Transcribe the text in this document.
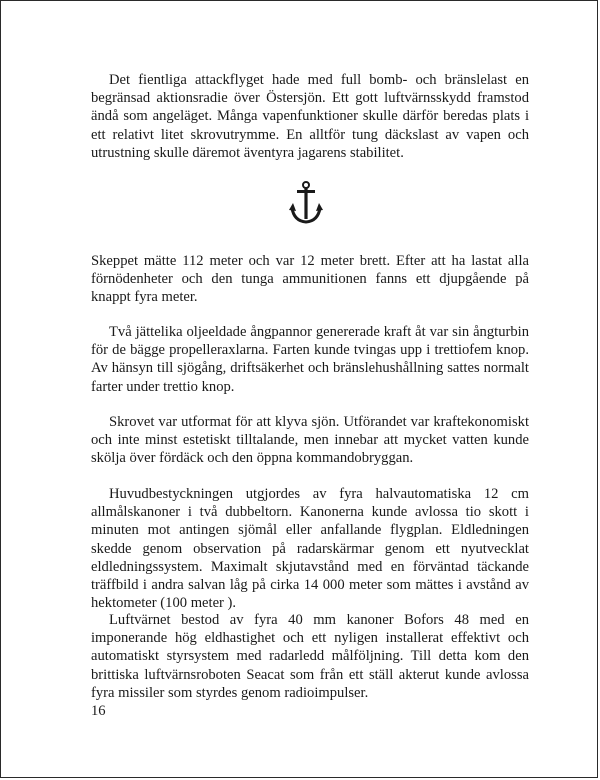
Det fientliga attackflyget hade med full bomb- och bränslelast en begränsad aktionsradie över Östersjön. Ett gott luftvärnsskydd framstod ändå som angeläget. Många vapenfunktioner skulle därför beredas plats i ett relativt litet skrovutrymme. En alltför tung däckslast av vapen och utrustning skulle däremot äventyra jagarens stabilitet.

Skeppet mätte 112 meter och var 12 meter brett. Efter att ha lastat alla förnödenheter och den tunga ammunitionen fanns ett djupgående på knappt fyra meter.

Två jättelika oljeeldade ångpannor genererade kraft åt var sin ångturbin för de bägge propelleraxlarna. Farten kunde tvingas upp i trettiofem knop. Av hänsyn till sjögång, driftsäkerhet och bränslehushållning sattes normalt farter under trettio knop.

Skrovet var utformat för att klyva sjön. Utförandet var kraftekonomiskt och inte minst estetiskt tilltalande, men innebar att mycket vatten kunde skölja över fördäck och den öppna kommandobryggan.

Huvudbestyckningen utgjordes av fyra halvautomatiska 12 cm allmålskanoner i två dubbeltorn. Kanonerna kunde avlossa tio skott i minuten mot antingen sjömål eller anfallande flygplan. Eldledningen skedde genom observation på radarskärmar genom ett nyutvecklat eldledningssystem. Maximalt skjutavstånd med en förväntad täckande träffbild i andra salvan låg på cirka 14 000 meter som mättes i avstånd av hektometer (100 meter ).

Luftvärnet bestod av fyra 40 mm kanoner Bofors 48 med en imponerande hög eldhastighet och ett nyligen installerat effektivt och automatiskt styrsystem med radarledd målföljning. Till detta kom den brittiska luftvärnsroboten Seacat som från ett ställ akterut kunde avlossa fyra missiler som styrdes genom radioimpulser.

16
